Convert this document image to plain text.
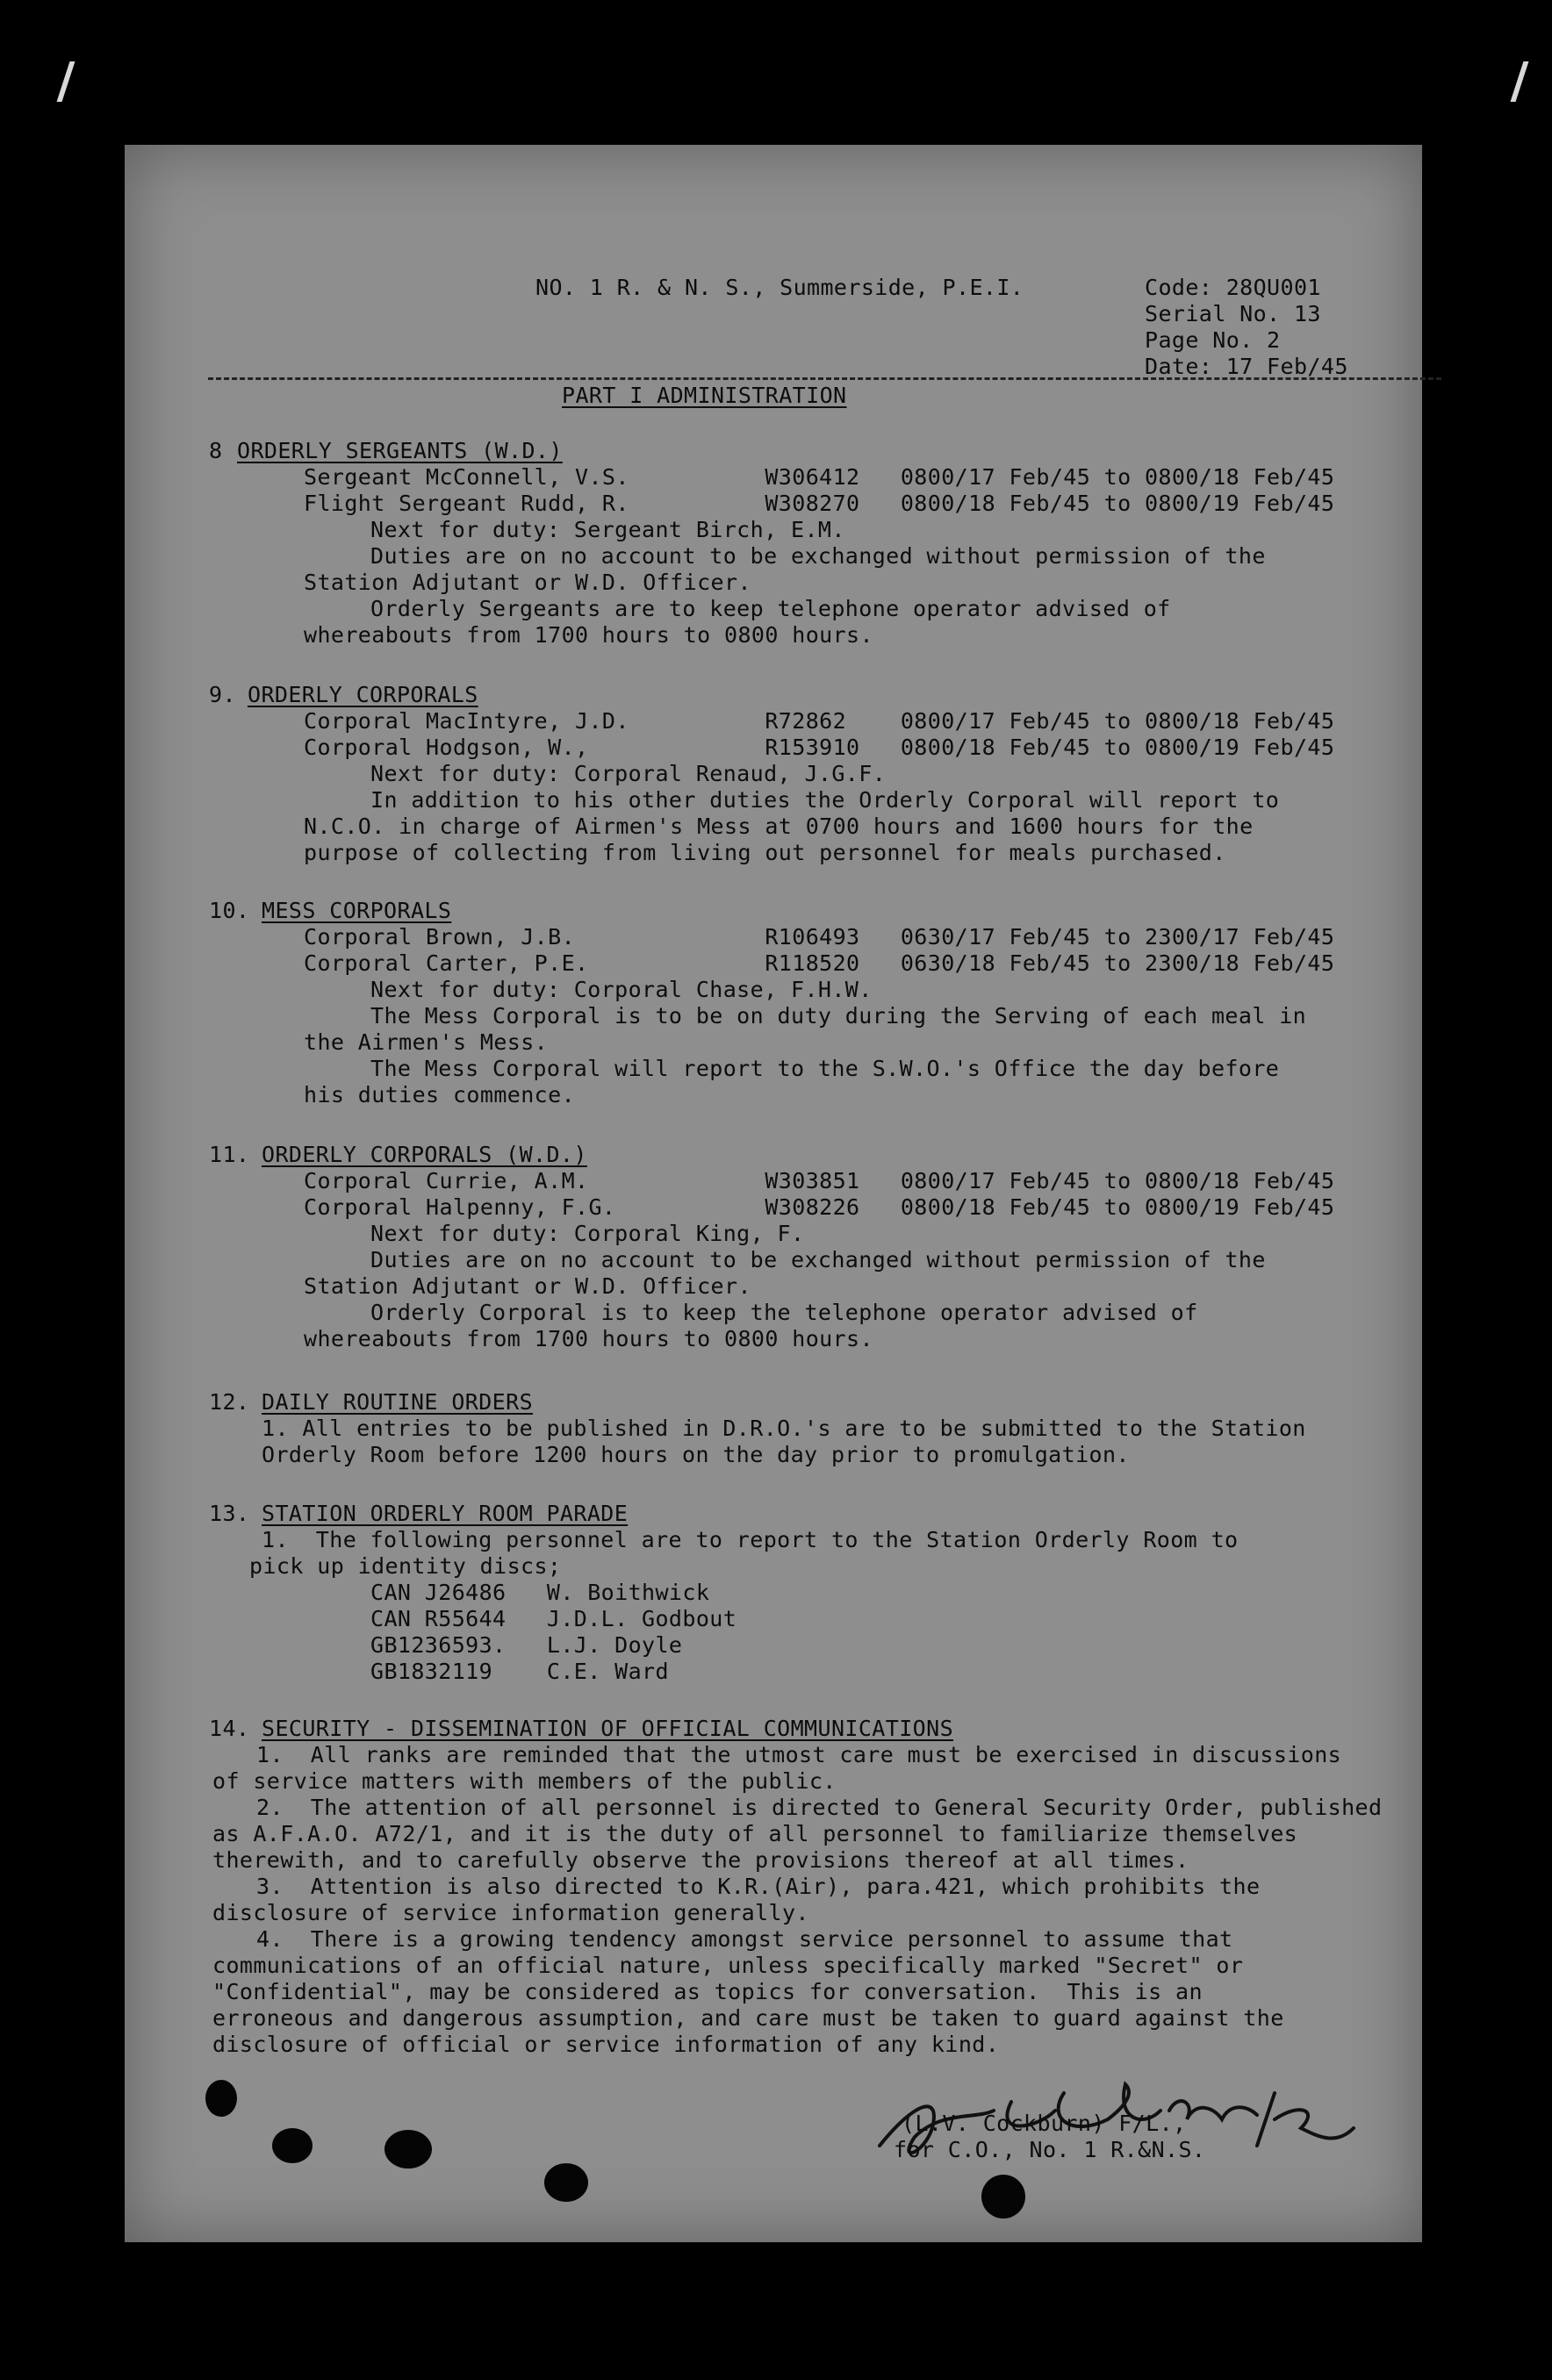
NO. 1 R. & N. S., Summerside, P.E.I.	Code: 28QU001
Serial No. 13
Page No. 2
Date: 17 Feb/45
PART I ADMINISTRATION
8 ORDERLY SERGEANTS (W.D.)
Sergeant McConnell, V.S.          W306412   0800/17 Feb/45 to 0800/18 Feb/45
Flight Sergeant Rudd, R.          W308270   0800/18 Feb/45 to 0800/19 Feb/45
Next for duty: Sergeant Birch, E.M.
Duties are on no account to be exchanged without permission of the
Station Adjutant or W.D. Officer.
Orderly Sergeants are to keep telephone operator advised of
whereabouts from 1700 hours to 0800 hours.
9. ORDERLY CORPORALS
Corporal MacIntyre, J.D.          R72862    0800/17 Feb/45 to 0800/18 Feb/45
Corporal Hodgson, W.,             R153910   0800/18 Feb/45 to 0800/19 Feb/45
Next for duty: Corporal Renaud, J.G.F.
In addition to his other duties the Orderly Corporal will report to
N.C.O. in charge of Airmen's Mess at 0700 hours and 1600 hours for the
purpose of collecting from living out personnel for meals purchased.
10. MESS CORPORALS
Corporal Brown, J.B.              R106493   0630/17 Feb/45 to 2300/17 Feb/45
Corporal Carter, P.E.             R118520   0630/18 Feb/45 to 2300/18 Feb/45
Next for duty: Corporal Chase, F.H.W.
The Mess Corporal is to be on duty during the Serving of each meal in
the Airmen's Mess.
The Mess Corporal will report to the S.W.O.'s Office the day before
his duties commence.
11. ORDERLY CORPORALS (W.D.)
Corporal Currie, A.M.             W303851   0800/17 Feb/45 to 0800/18 Feb/45
Corporal Halpenny, F.G.           W308226   0800/18 Feb/45 to 0800/19 Feb/45
Next for duty: Corporal King, F.
Duties are on no account to be exchanged without permission of the
Station Adjutant or W.D. Officer.
Orderly Corporal is to keep the telephone operator advised of
whereabouts from 1700 hours to 0800 hours.
12. DAILY ROUTINE ORDERS
1. All entries to be published in D.R.O.'s are to be submitted to the Station
Orderly Room before 1200 hours on the day prior to promulgation.
13. STATION ORDERLY ROOM PARADE
1.  The following personnel are to report to the Station Orderly Room to
pick up identity discs;
CAN J26486   W. Boithwick
CAN R55644   J.D.L. Godbout
GB1236593.   L.J. Doyle
GB1832119    C.E. Ward
14. SECURITY - DISSEMINATION OF OFFICIAL COMMUNICATIONS
1.  All ranks are reminded that the utmost care must be exercised in discussions
of service matters with members of the public.
2.  The attention of all personnel is directed to General Security Order, published
as A.F.A.O. A72/1, and it is the duty of all personnel to familiarize themselves
therewith, and to carefully observe the provisions thereof at all times.
3.  Attention is also directed to K.R.(Air), para.421, which prohibits the
disclosure of service information generally.
4.  There is a growing tendency amongst service personnel to assume that
communications of an official nature, unless specifically marked "Secret" or
"Confidential", may be considered as topics for conversation.  This is an
erroneous and dangerous assumption, and care must be taken to guard against the
disclosure of official or service information of any kind.
(L.V. Cockburn) F/L.,
for C.O., No. 1 R.&N.S.
